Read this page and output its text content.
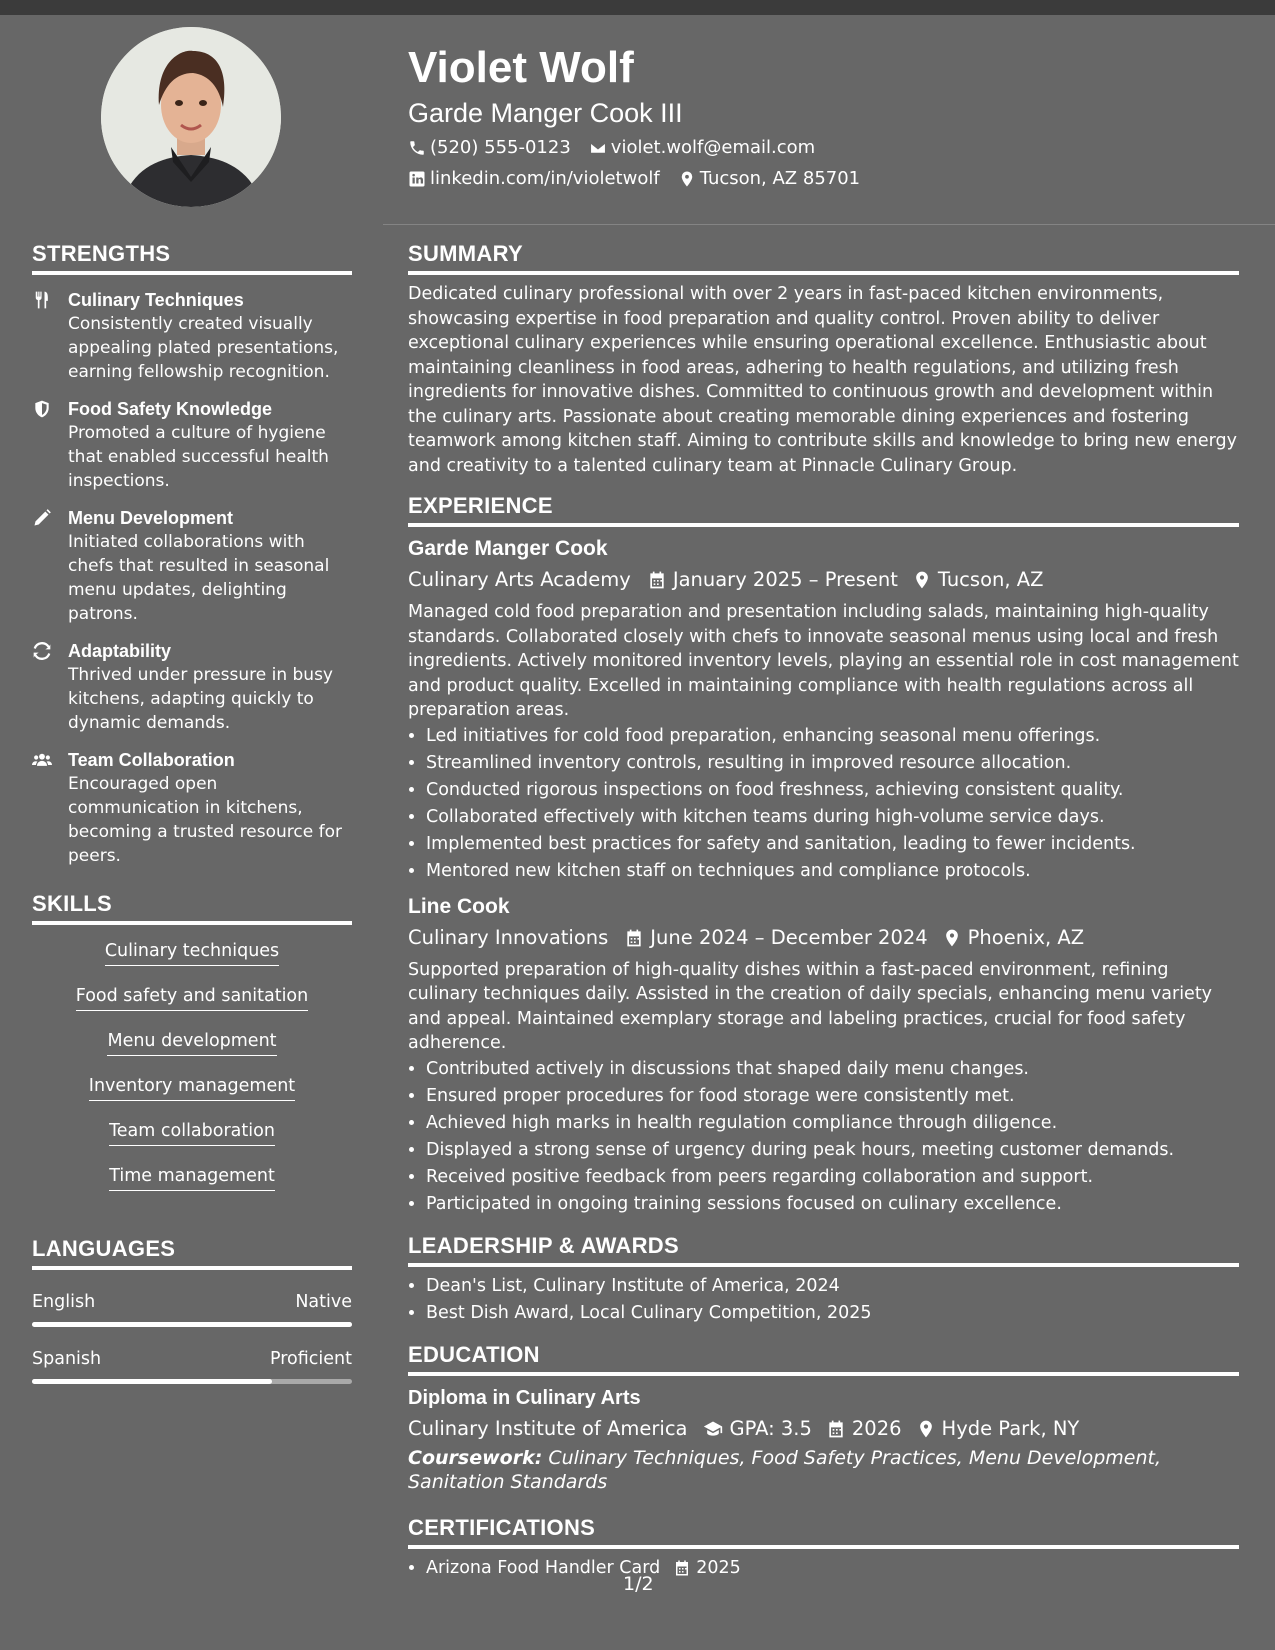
Violet Wolf
Garde Manger Cook III
(520) 555-0123 violet.wolf@email.com
linkedin.com/in/violetwolf Tucson, AZ 85701
STRENGTHS
Culinary Techniques
Consistently created visually appealing plated presentations, earning fellowship recognition.
Food Safety Knowledge
Promoted a culture of hygiene that enabled successful health inspections.
Menu Development
Initiated collaborations with chefs that resulted in seasonal menu updates, delighting patrons.
Adaptability
Thrived under pressure in busy kitchens, adapting quickly to dynamic demands.
Team Collaboration
Encouraged open communication in kitchens, becoming a trusted resource for peers.
SKILLS
Culinary techniques
Food safety and sanitation
Menu development
Inventory management
Team collaboration
Time management
LANGUAGES
English	Native
Spanish	Proficient
SUMMARY
Dedicated culinary professional with over 2 years in fast-paced kitchen environments, showcasing expertise in food preparation and quality control. Proven ability to deliver exceptional culinary experiences while ensuring operational excellence. Enthusiastic about maintaining cleanliness in food areas, adhering to health regulations, and utilizing fresh ingredients for innovative dishes. Committed to continuous growth and development within the culinary arts. Passionate about creating memorable dining experiences and fostering teamwork among kitchen staff. Aiming to contribute skills and knowledge to bring new energy and creativity to a talented culinary team at Pinnacle Culinary Group.
EXPERIENCE
Garde Manger Cook
Culinary Arts Academy January 2025 – Present Tucson, AZ
Managed cold food preparation and presentation including salads, maintaining high-quality standards. Collaborated closely with chefs to innovate seasonal menus using local and fresh ingredients. Actively monitored inventory levels, playing an essential role in cost management and product quality. Excelled in maintaining compliance with health regulations across all preparation areas.
• Led initiatives for cold food preparation, enhancing seasonal menu offerings.
• Streamlined inventory controls, resulting in improved resource allocation.
• Conducted rigorous inspections on food freshness, achieving consistent quality.
• Collaborated effectively with kitchen teams during high-volume service days.
• Implemented best practices for safety and sanitation, leading to fewer incidents.
• Mentored new kitchen staff on techniques and compliance protocols.
Line Cook
Culinary Innovations June 2024 – December 2024 Phoenix, AZ
Supported preparation of high-quality dishes within a fast-paced environment, refining culinary techniques daily. Assisted in the creation of daily specials, enhancing menu variety and appeal. Maintained exemplary storage and labeling practices, crucial for food safety adherence.
• Contributed actively in discussions that shaped daily menu changes.
• Ensured proper procedures for food storage were consistently met.
• Achieved high marks in health regulation compliance through diligence.
• Displayed a strong sense of urgency during peak hours, meeting customer demands.
• Received positive feedback from peers regarding collaboration and support.
• Participated in ongoing training sessions focused on culinary excellence.
LEADERSHIP & AWARDS
• Dean's List, Culinary Institute of America, 2024
• Best Dish Award, Local Culinary Competition, 2025
EDUCATION
Diploma in Culinary Arts
Culinary Institute of America GPA: 3.5 2026 Hyde Park, NY
Coursework: Culinary Techniques, Food Safety Practices, Menu Development, Sanitation Standards
CERTIFICATIONS
• Arizona Food Handler Card 2025
1/2
